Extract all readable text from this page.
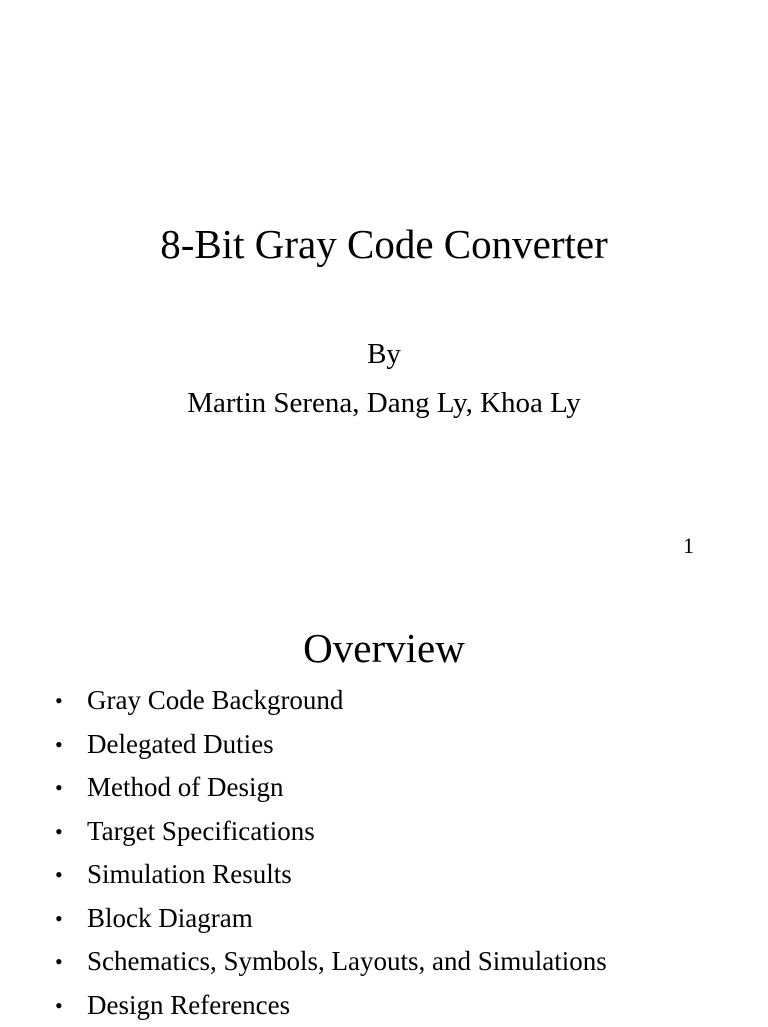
8-Bit Gray Code Converter

By

Martin Serena, Dang Ly, Khoa Ly

1
Overview
• Gray Code Background
• Delegated Duties
• Method of Design
• Target Specifications
• Simulation Results
• Block Diagram
• Schematics, Symbols, Layouts, and Simulations
• Design References
